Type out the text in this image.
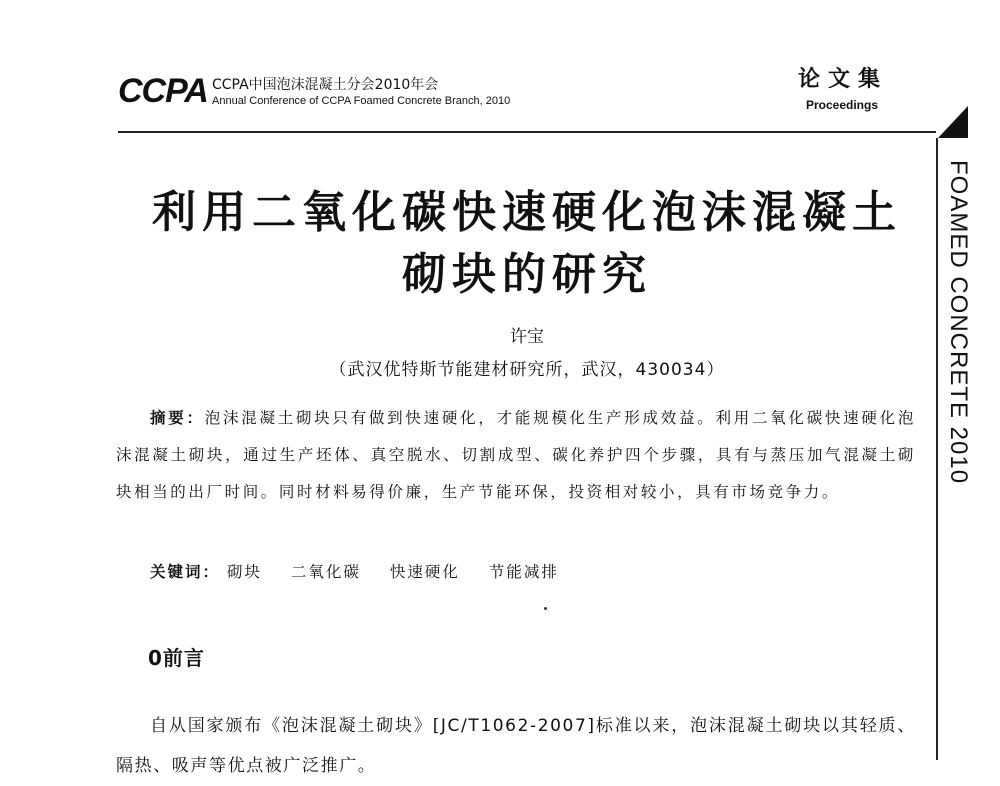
CCPA CCPA中国泡沫混凝土分会2010年会
Annual Conference of CCPA Foamed Concrete Branch, 2010
论文集
Proceedings
FOAMED CONCRETE 2010
利用二氧化碳快速硬化泡沫混凝土
砌块的研究
许宝
（武汉优特斯节能建材研究所，武汉，430034）

摘要：泡沫混凝土砌块只有做到快速硬化，才能规模化生产形成效益。利用二氧化碳快速硬化泡沫混凝土砌块，通过生产坯体、真空脱水、切割成型、碳化养护四个步骤，具有与蒸压加气混凝土砌块相当的出厂时间。同时材料易得价廉，生产节能环保，投资相对较小，具有市场竞争力。

关键词： 砌块 二氧化碳 快速硬化 节能减排
0前言

自从国家颁布《泡沫混凝土砌块》[JC/T1062-2007]标准以来，泡沫混凝土砌块以其轻质、隔热、吸声等优点被广泛推广。
